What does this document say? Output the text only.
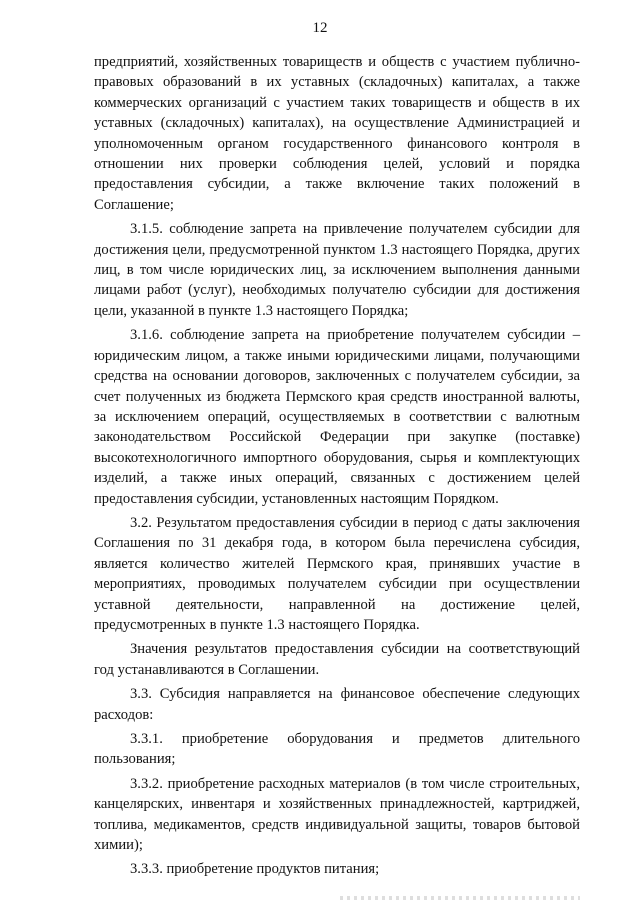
12

предприятий, хозяйственных товариществ и обществ с участием публично-правовых образований в их уставных (складочных) капиталах, а также коммерческих организаций с участием таких товариществ и обществ в их уставных (складочных) капиталах), на осуществление Администрацией и уполномоченным органом государственного финансового контроля в отношении них проверки соблюдения целей, условий и порядка предоставления субсидии, а также включение таких положений в Соглашение;

3.1.5. соблюдение запрета на привлечение получателем субсидии для достижения цели, предусмотренной пунктом 1.3 настоящего Порядка, других лиц, в том числе юридических лиц, за исключением выполнения данными лицами работ (услуг), необходимых получателю субсидии для достижения цели, указанной в пункте 1.3 настоящего Порядка;

3.1.6. соблюдение запрета на приобретение получателем субсидии – юридическим лицом, а также иными юридическими лицами, получающими средства на основании договоров, заключенных с получателем субсидии, за счет полученных из бюджета Пермского края средств иностранной валюты, за исключением операций, осуществляемых в соответствии с валютным законодательством Российской Федерации при закупке (поставке) высокотехнологичного импортного оборудования, сырья и комплектующих изделий, а также иных операций, связанных с достижением целей предоставления субсидии, установленных настоящим Порядком.

3.2. Результатом предоставления субсидии в период с даты заключения Соглашения по 31 декабря года, в котором была перечислена субсидия, является количество жителей Пермского края, принявших участие в мероприятиях, проводимых получателем субсидии при осуществлении уставной деятельности, направленной на достижение целей, предусмотренных в пункте 1.3 настоящего Порядка.

Значения результатов предоставления субсидии на соответствующий год устанавливаются в Соглашении.

3.3. Субсидия направляется на финансовое обеспечение следующих расходов:

3.3.1. приобретение оборудования и предметов длительного пользования;

3.3.2. приобретение расходных материалов (в том числе строительных, канцелярских, инвентаря и хозяйственных принадлежностей, картриджей, топлива, медикаментов, средств индивидуальной защиты, товаров бытовой химии);

3.3.3. приобретение продуктов питания;
